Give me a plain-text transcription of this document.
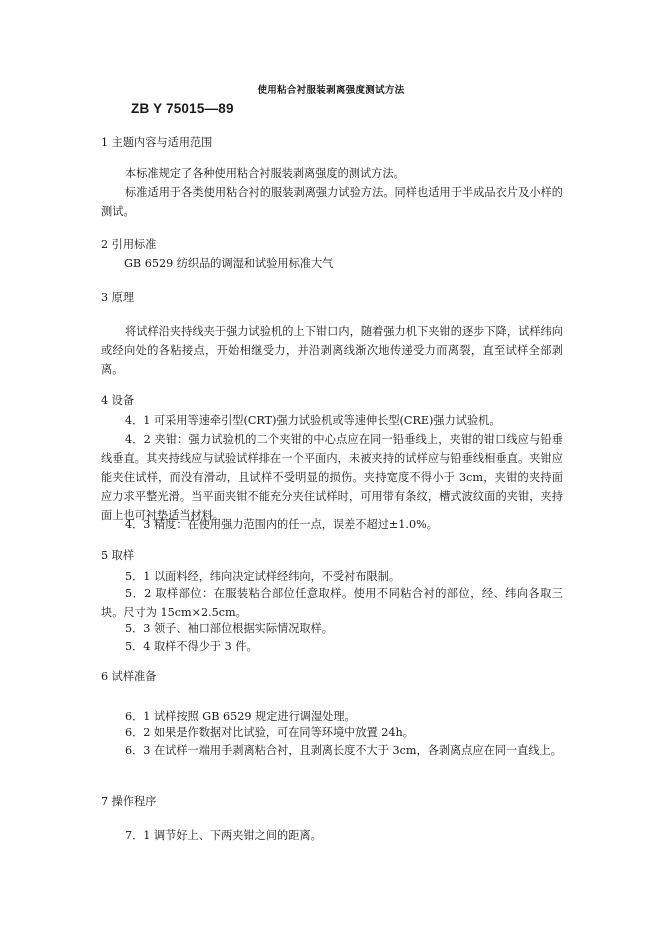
使用粘合衬服装剥离强度测试方法
ZB Y 75015—89
1 主题内容与适用范围
本标准规定了各种使用粘合衬服装剥离强度的测试方法。
标准适用于各类使用粘合衬的服装剥离强力试验方法。同样也适用于半成品衣片及小样的测试。
2 引用标准
GB 6529 纺织品的调湿和试验用标准大气
3 原理
将试样沿夹持线夹于强力试验机的上下钳口内，随着强力机下夹钳的逐步下降，试样纬向或经向处的各粘接点，开始相继受力，并沿剥离线渐次地传递受力而离裂，直至试样全部剥离。
4 设备
4．1 可采用等速牵引型(CRT)强力试验机或等速伸长型(CRE)强力试验机。
4．2 夹钳：强力试验机的二个夹钳的中心点应在同一铅垂线上，夹钳的钳口线应与铅垂线垂直。其夹持线应与试验试样排在一个平面内，未被夹持的试样应与铅垂线相垂直。夹钳应能夹住试样，而没有滑动，且试样不受明显的损伤。夹持宽度不得小于 3cm，夹钳的夹持面应力求平整光滑。当平面夹钳不能充分夹住试样时，可用带有条纹，槽式波纹面的夹钳，夹持面上也可衬垫适当材料。
4．3 精度：在使用强力范围内的任一点，误差不超过±1.0%。
5 取样
5．1 以面料经，纬向决定试样经纬向，不受衬布限制。
5．2 取样部位：在服装粘合部位任意取样。使用不同粘合衬的部位，经、纬向各取三块。尺寸为 15cm×2.5cm。
5．3 领子、袖口部位根据实际情况取样。
5．4 取样不得少于 3 件。
6 试样准备
6．1 试样按照 GB 6529 规定进行调湿处理。
6．2 如果是作数据对比试验，可在同等环境中放置 24h。
6．3 在试样一端用手剥离粘合衬，且剥离长度不大于 3cm，各剥离点应在同一直线上。
7 操作程序
7．1 调节好上、下两夹钳之间的距离。
